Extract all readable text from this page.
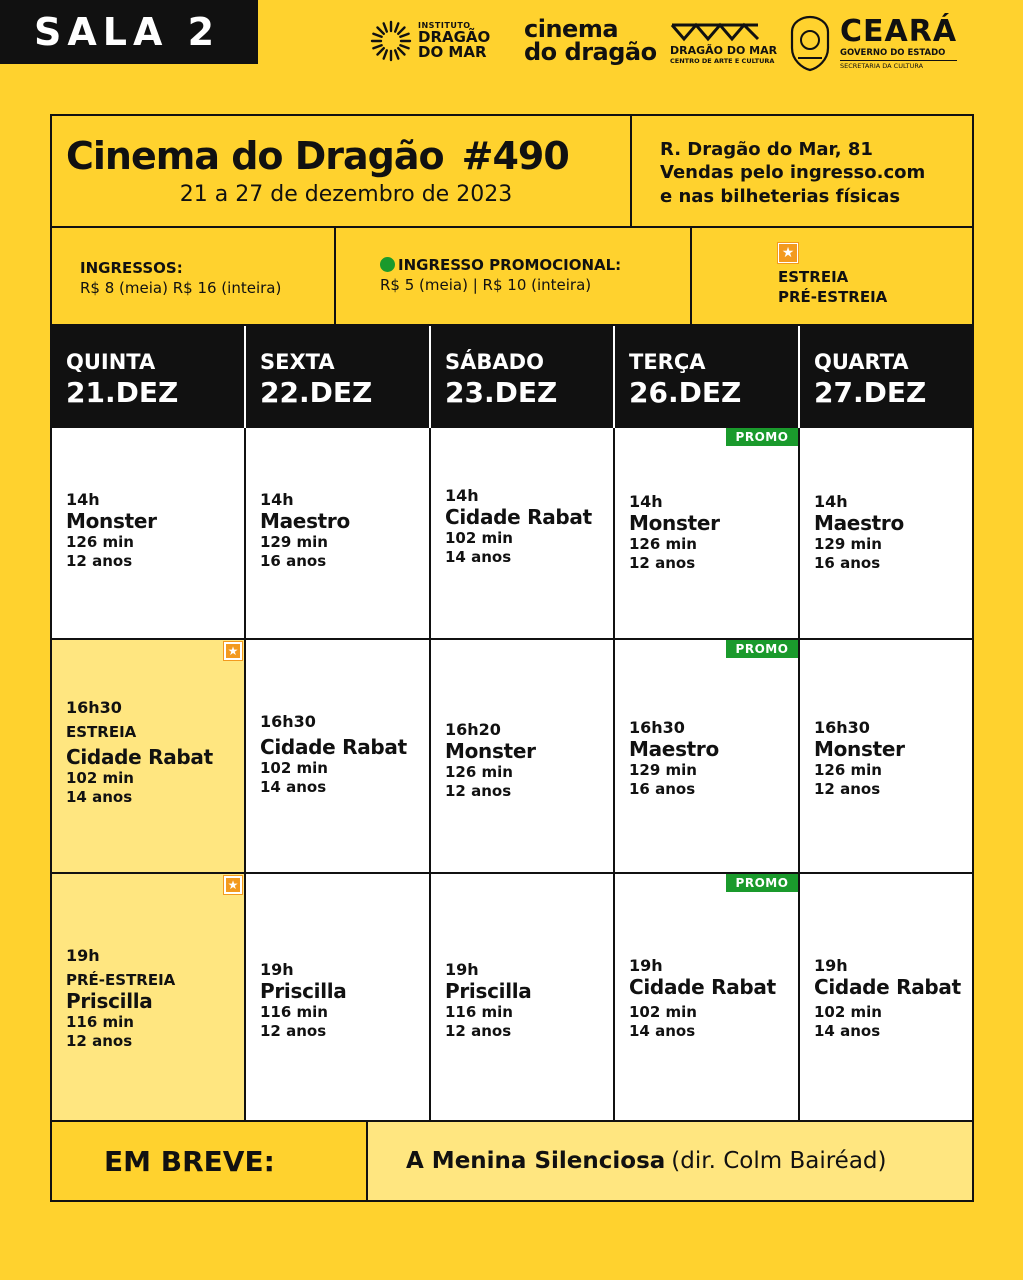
SALA 2	INSTITUTO
DRAGÃO
DO MAR
cinema
do dragão DRAGÃO DO MAR
CENTRO DE ARTE E CULTURA
CEARÁ
GOVERNO DO ESTADO
SECRETARIA DA CULTURA
Cinema do Dragão #490
21 a 27 de dezembro de 2023
R. Dragão do Mar, 81
Vendas pelo ingresso.com
e nas bilheterias físicas
INGRESSOS:
R$ 8 (meia) R$ 16 (inteira)
INGRESSO PROMOCIONAL:
R$ 5 (meia) | R$ 10 (inteira)
★
ESTREIA
PRÉ-ESTREIA
QUINTA
21.DEZ
SEXTA
22.DEZ
SÁBADO
23.DEZ
TERÇA
26.DEZ
QUARTA
27.DEZ
14h
Monster
126 min
12 anos
14h
Maestro
129 min
16 anos
14h
Cidade Rabat
102 min
14 anos
PROMO
14h
Monster
126 min
12 anos
14h
Maestro
129 min
16 anos
★
16h30
ESTREIA
Cidade Rabat
102 min
14 anos
16h30
Cidade Rabat
102 min
14 anos
16h20
Monster
126 min
12 anos
PROMO
16h30
Maestro
129 min
16 anos
16h30
Monster
126 min
12 anos
★
19h
PRÉ-ESTREIA
Priscilla
116 min
12 anos
19h
Priscilla
116 min
12 anos
19h
Priscilla
116 min
12 anos
PROMO
19h
Cidade Rabat
102 min
14 anos
19h
Cidade Rabat
102 min
14 anos
EM BREVE:	A Menina Silenciosa (dir. Colm Bairéad)
